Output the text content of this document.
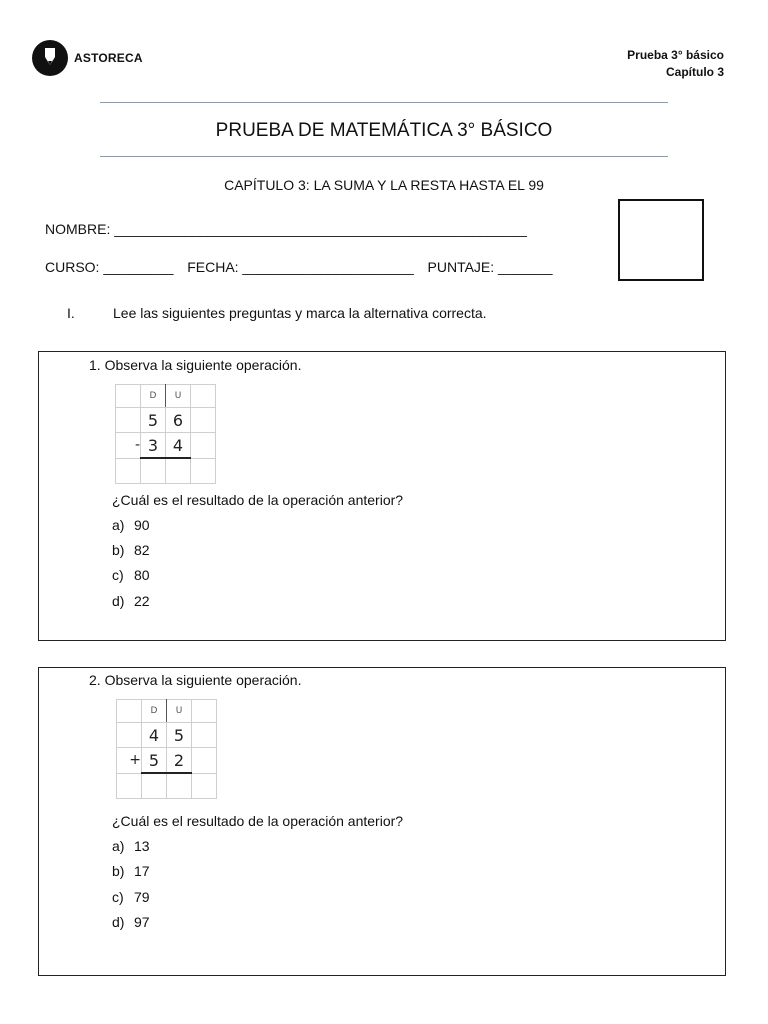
ASTORECA	Prueba 3° básico
Capítulo 3
PRUEBA DE MATEMÁTICA 3° BÁSICO
CAPÍTULO 3: LA SUMA Y LA RESTA HASTA EL 99
NOMBRE: _____________________________________________________
CURSO: _________ FECHA: ______________________ PUNTAJE: _______
I.	Lee las siguientes preguntas y marca la alternativa correcta.
1. Observa la siguiente operación.
	D	U	
	5	6	
-	3	4	

¿Cuál es el resultado de la operación anterior?
a) 90
b) 82
c) 80
d) 22
2. Observa la siguiente operación.
	D	U	
	4	5	
+	5	2	

¿Cuál es el resultado de la operación anterior?
a) 13
b) 17
c) 79
d) 97
